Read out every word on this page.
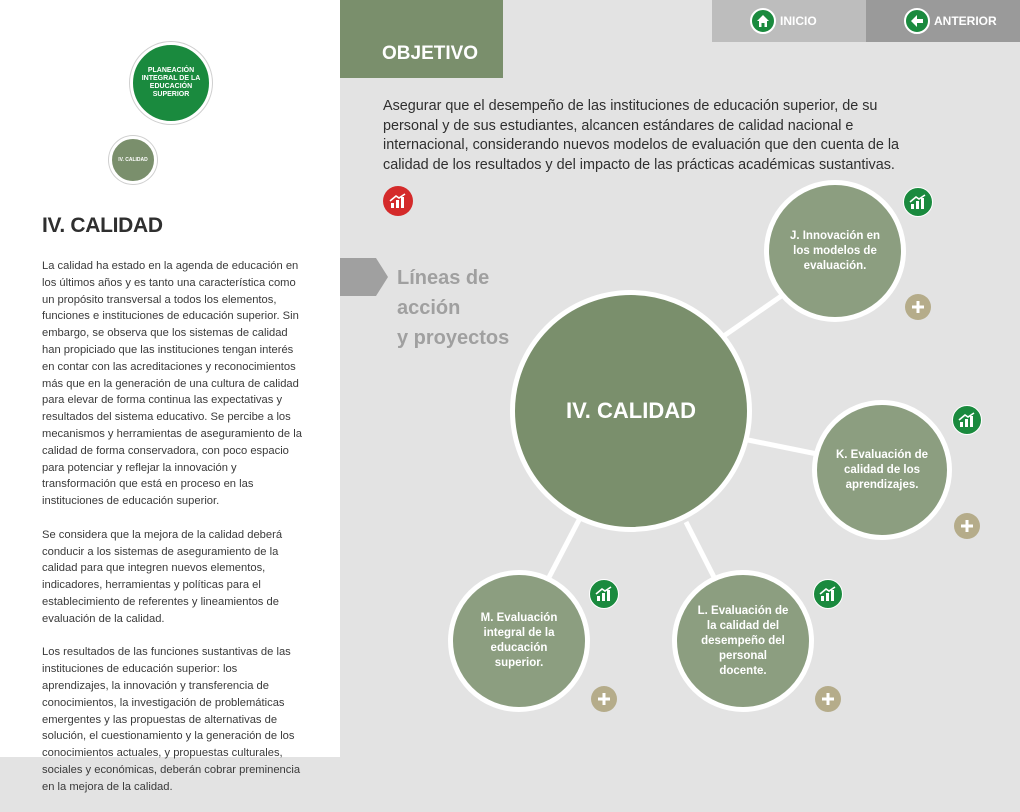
PLANEACIÓN INTEGRAL DE LA EDUCACIÓN SUPERIOR
IV. CALIDAD
IV. CALIDAD

La calidad ha estado en la agenda de educación en los últimos años y es tanto una característica como un propósito transversal a todos los elementos, funciones e instituciones de educación superior. Sin embargo, se observa que los sistemas de calidad han propiciado que las instituciones tengan interés en contar con las acreditaciones y reconocimientos más que en la generación de una cultura de calidad para elevar de forma continua las expectativas y resultados del sistema educativo. Se percibe a los mecanismos y herramientas de aseguramiento de la calidad de forma conservadora, con poco espacio para potenciar y reflejar la innovación y transformación que está en proceso en las instituciones de educación superior.

Se considera que la mejora de la calidad deberá conducir a los sistemas de aseguramiento de la calidad para que integren nuevos elementos, indicadores, herramientas y políticas para el establecimiento de referentes y lineamientos de evaluación de la calidad.

Los resultados de las funciones sustantivas de las instituciones de educación superior: los aprendizajes, la innovación y transferencia de conocimientos, la investigación de problemáticas emergentes y las propuestas de alternativas de solución, el cuestionamiento y la generación de los conocimientos actuales, y propuestas culturales, sociales y económicas, deberán cobrar preminencia en la mejora de la calidad.

INICIO	ANTERIOR
OBJETIVO

Asegurar que el desempeño de las instituciones de educación superior, de su personal y de sus estudiantes, alcancen estándares de calidad nacional e internacional, considerando nuevos modelos de evaluación que den cuenta de la calidad de los resultados y del impacto de las prácticas académicas sustantivas.

Líneas de acción
y proyectos
IV. CALIDAD
J. Innovación en los modelos de evaluación.
K. Evaluación de calidad de los aprendizajes.
M. Evaluación integral de la educación superior.
L. Evaluación de la calidad del desempeño del personal docente.
